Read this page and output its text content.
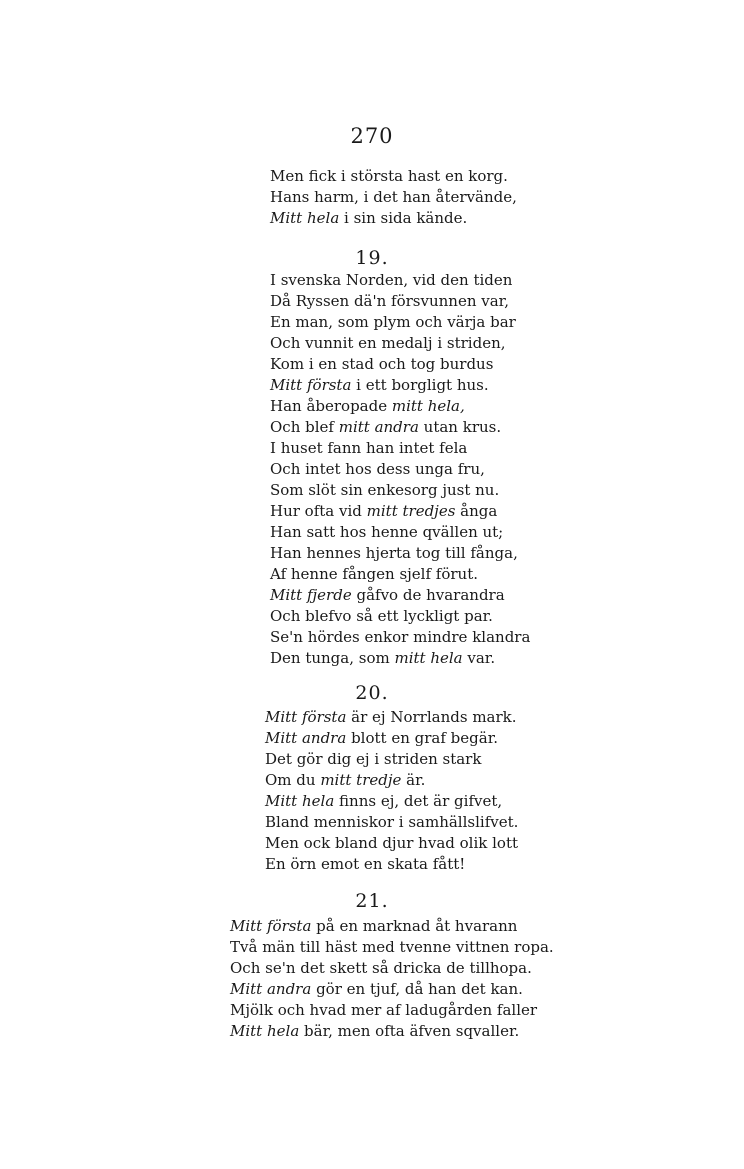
270
Men fick i största hast en korg.
Hans harm, i det han återvände,
Mitt hela i sin sida kände.
19.
I svenska Norden, vid den tiden
Då Ryssen dä'n försvunnen var,
En man, som plym och värja bar
Och vunnit en medalj i striden,
Kom i en stad och tog burdus
Mitt första i ett borgligt hus.
Han åberopade mitt hela,
Och blef mitt andra utan krus.
I huset fann han intet fela
Och intet hos dess unga fru,
Som slöt sin enkesorg just nu.
Hur ofta vid mitt tredjes ånga
Han satt hos henne qvällen ut;
Han hennes hjerta tog till fånga,
Af henne fången sjelf förut.
Mitt fjerde gåfvo de hvarandra
Och blefvo så ett lyckligt par.
Se'n hördes enkor mindre klandra
Den tunga, som mitt hela var.
20.
Mitt första är ej Norrlands mark.
Mitt andra blott en graf begär.
Det gör dig ej i striden stark
Om du mitt tredje är.
Mitt hela finns ej, det är gifvet,
Bland menniskor i samhällslifvet.
Men ock bland djur hvad olik lott
En örn emot en skata fått!
21.
Mitt första på en marknad åt hvarann
Två män till häst med tvenne vittnen ropa.
Och se'n det skett så dricka de tillhopa.
Mitt andra gör en tjuf, då han det kan.
Mjölk och hvad mer af ladugården faller
Mitt hela bär, men ofta äfven sqvaller.
